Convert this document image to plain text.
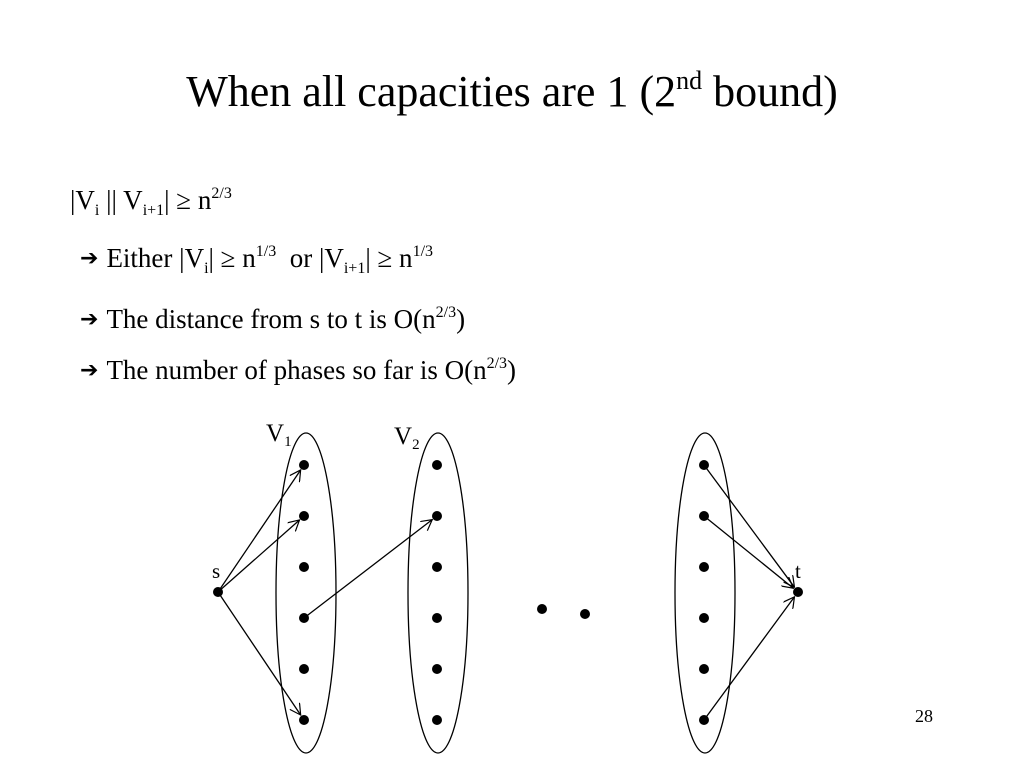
When all capacities are 1 (2nd bound)
$|V_i$ || $V_{i+1}| \ge n^{2/3}$
➔ Either $|V_i| \ge n^{1/3}$  or $|V_{i+1}| \ge n^{1/3}$
➔ The distance from s to t is $O(n^{2/3})$
➔ The number of phases so far is $O(n^{2/3})$
$V_1$	$V_2$
s	t
28
